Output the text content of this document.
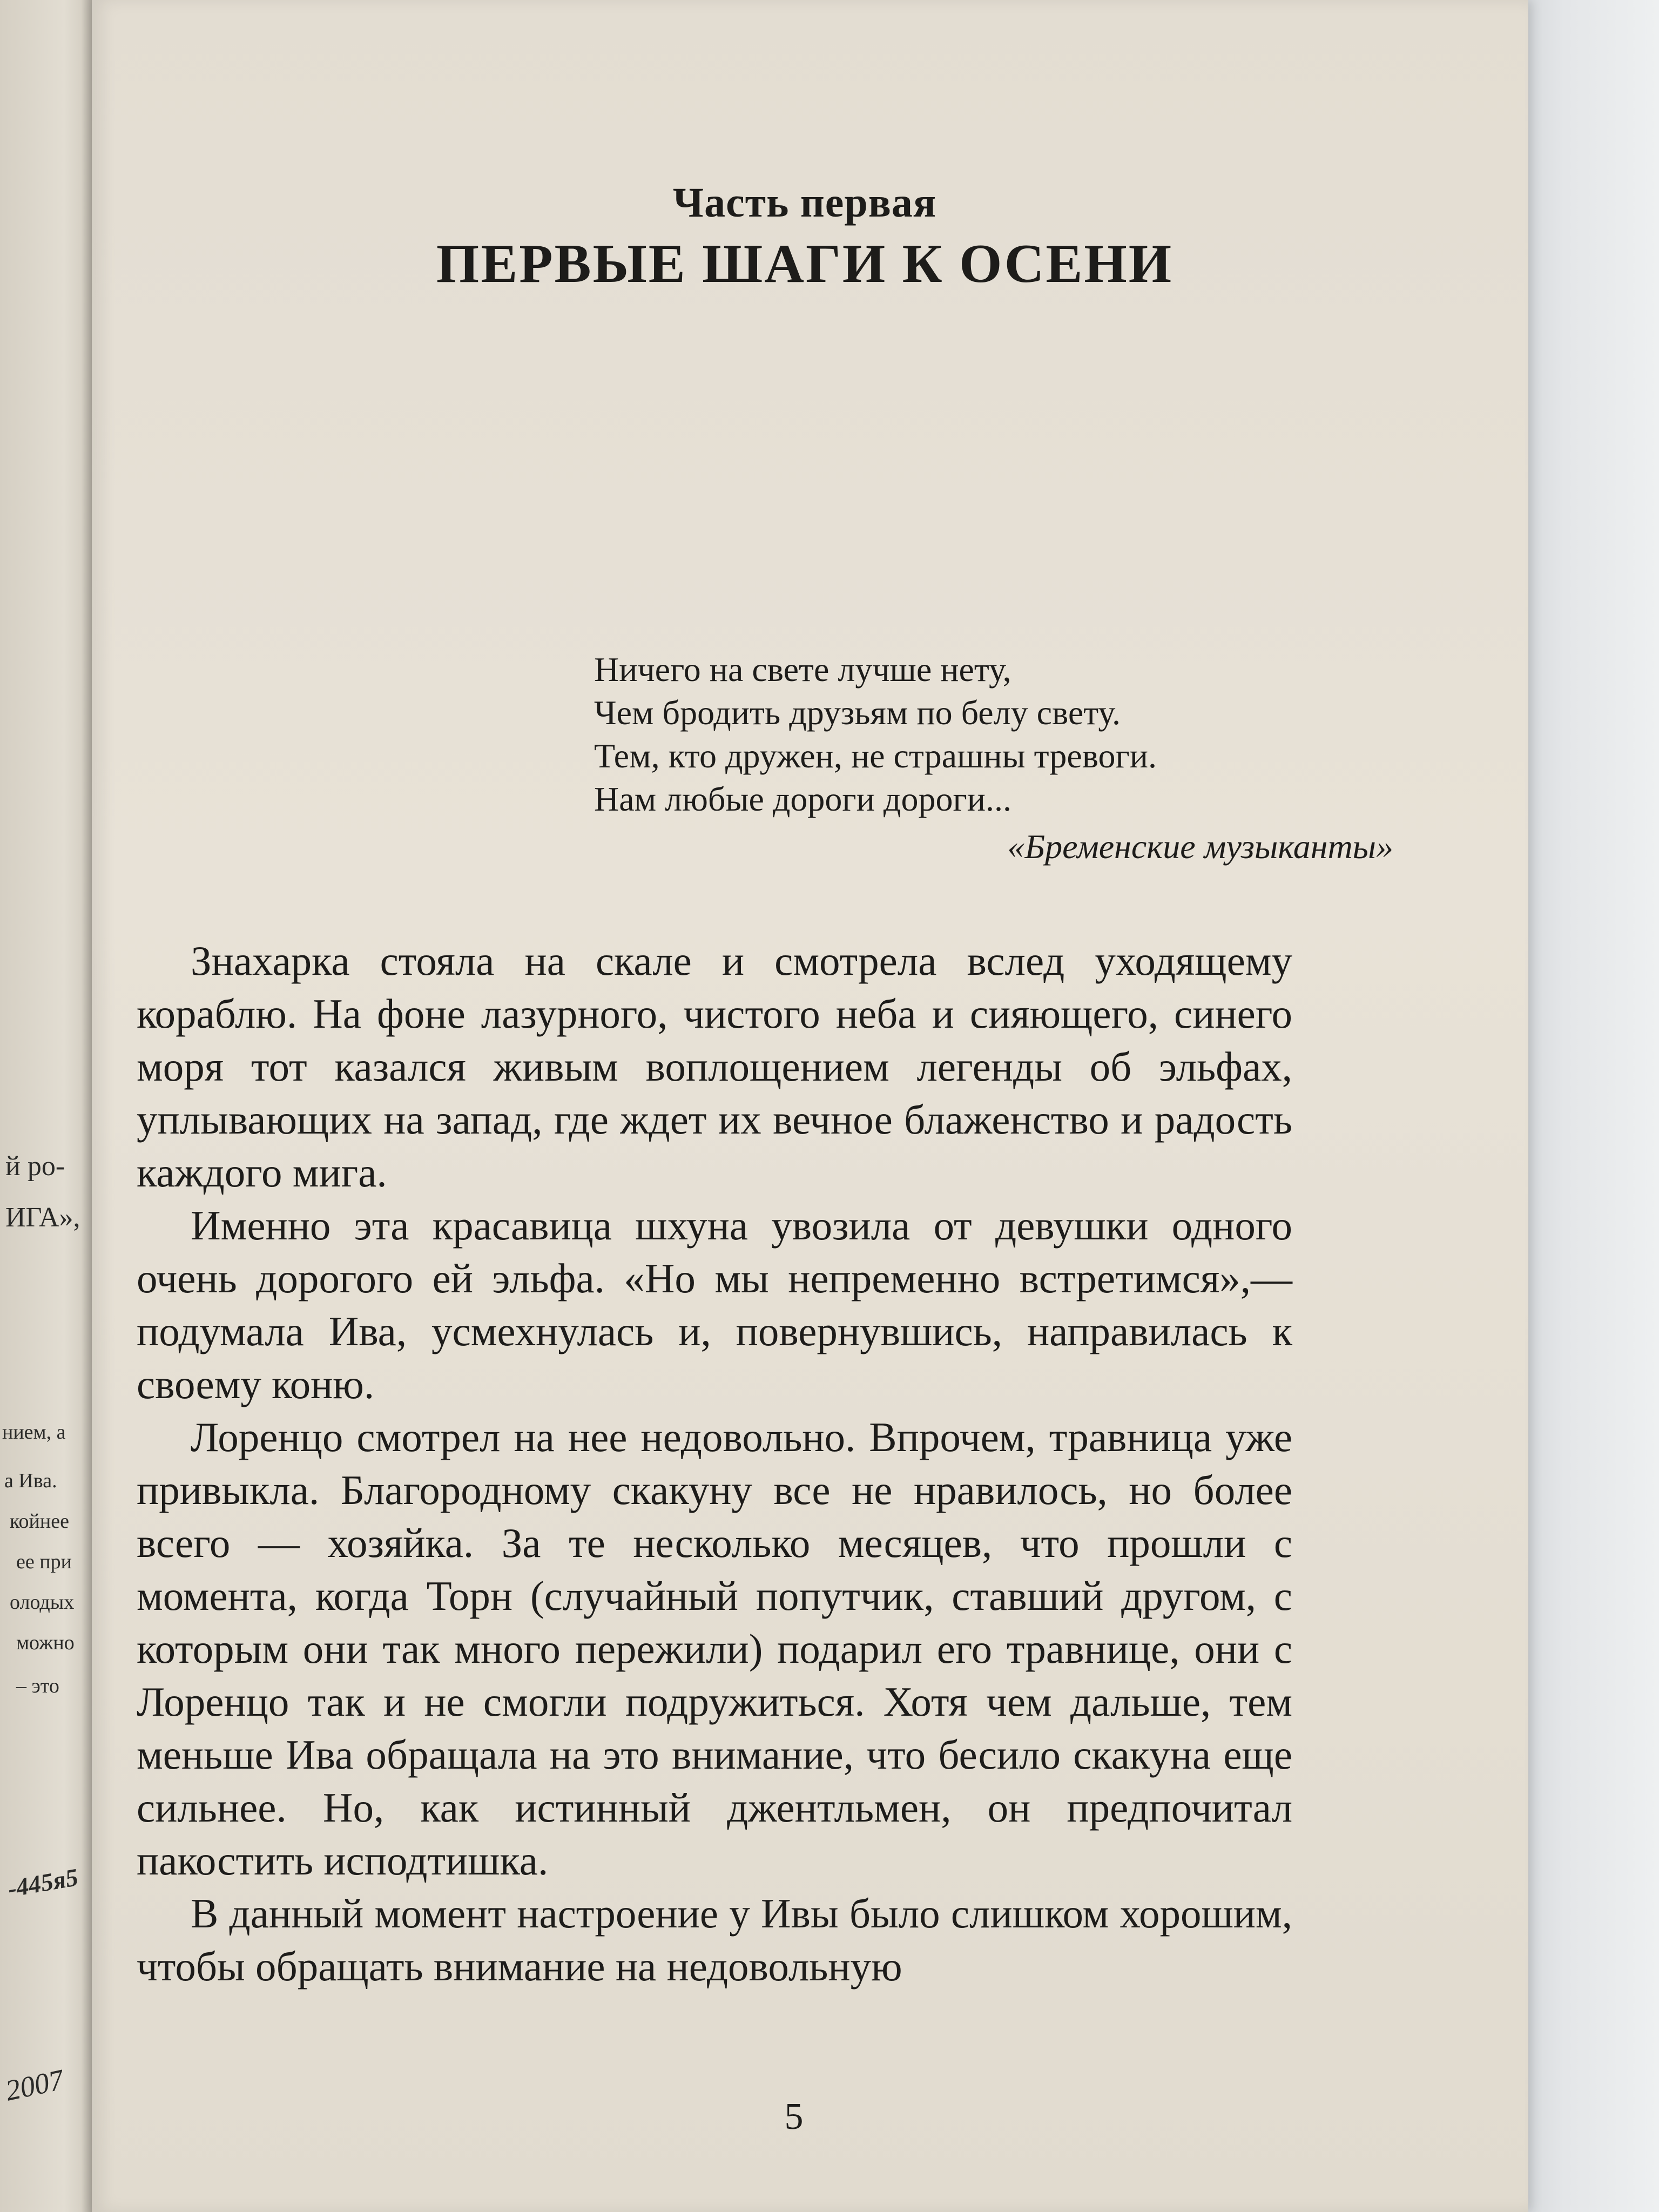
й ро-
ИГА»,
нием, а
а Ива.
койнее
ее при
олодых
можно
– это
-445я5
2007
Часть первая
ПЕРВЫЕ ШАГИ К ОСЕНИ
Ничего на свете лучше нету,
Чем бродить друзьям по белу свету.
Тем, кто дружен, не страшны тревоги.
Нам любые дороги дороги...
«Бременские музыканты»

Знахарка стояла на скале и смотрела вслед уходящему кораблю. На фоне лазурного, чистого неба и сияющего, синего моря тот казался живым воплощением легенды об эльфах, уплывающих на запад, где ждет их вечное блаженство и радость каждого мига.

Именно эта красавица шхуна увозила от девушки одного очень дорогого ей эльфа. «Но мы непременно встретимся»,— подумала Ива, усмехнулась и, повернувшись, направилась к своему коню.

Лоренцо смотрел на нее недовольно. Впрочем, травница уже привыкла. Благородному скакуну все не нравилось, но более всего — хозяйка. За те несколько месяцев, что прошли с момента, когда Торн (случайный попутчик, ставший другом, с которым они так много пережили) подарил его травнице, они с Лоренцо так и не смогли подружиться. Хотя чем дальше, тем меньше Ива обращала на это внимание, что бесило скакуна еще сильнее. Но, как истинный джентльмен, он предпочитал пакостить исподтишка.

В данный момент настроение у Ивы было слишком хорошим, чтобы обращать внимание на недовольную

5
